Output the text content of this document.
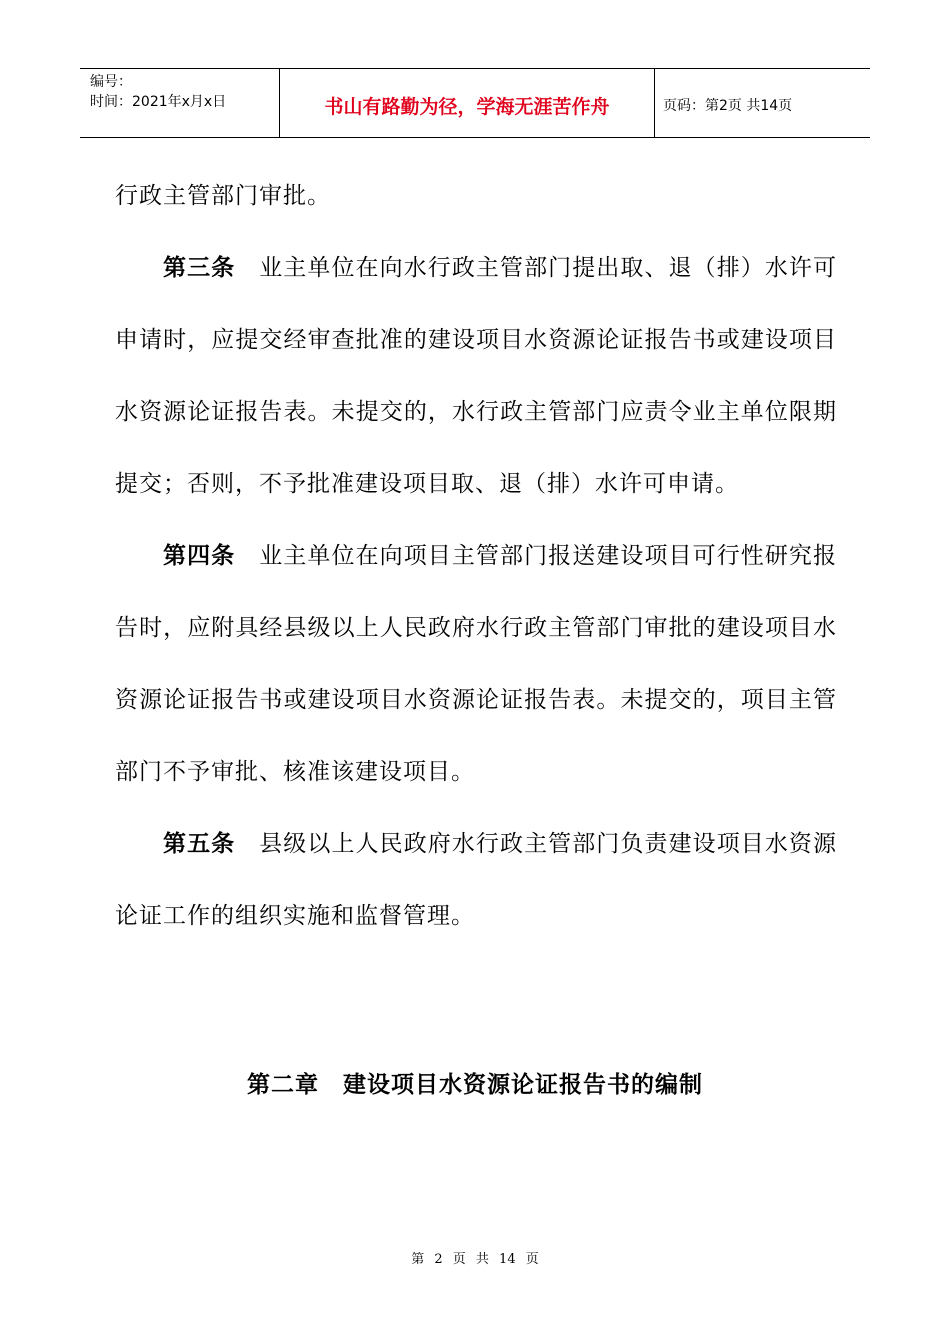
编号：
时间：2021年x月x日	书山有路勤为径，学海无涯苦作舟	页码：第2页 共14页

行政主管部门审批。

第三条 业主单位在向水行政主管部门提出取、退（排）水许可申请时，应提交经审查批准的建设项目水资源论证报告书或建设项目水资源论证报告表。未提交的，水行政主管部门应责令业主单位限期提交；否则，不予批准建设项目取、退（排）水许可申请。

第四条 业主单位在向项目主管部门报送建设项目可行性研究报告时，应附具经县级以上人民政府水行政主管部门审批的建设项目水资源论证报告书或建设项目水资源论证报告表。未提交的，项目主管部门不予审批、核准该建设项目。

第五条 县级以上人民政府水行政主管部门负责建设项目水资源论证工作的组织实施和监督管理。

第二章 建设项目水资源论证报告书的编制
第 2 页 共 14 页
